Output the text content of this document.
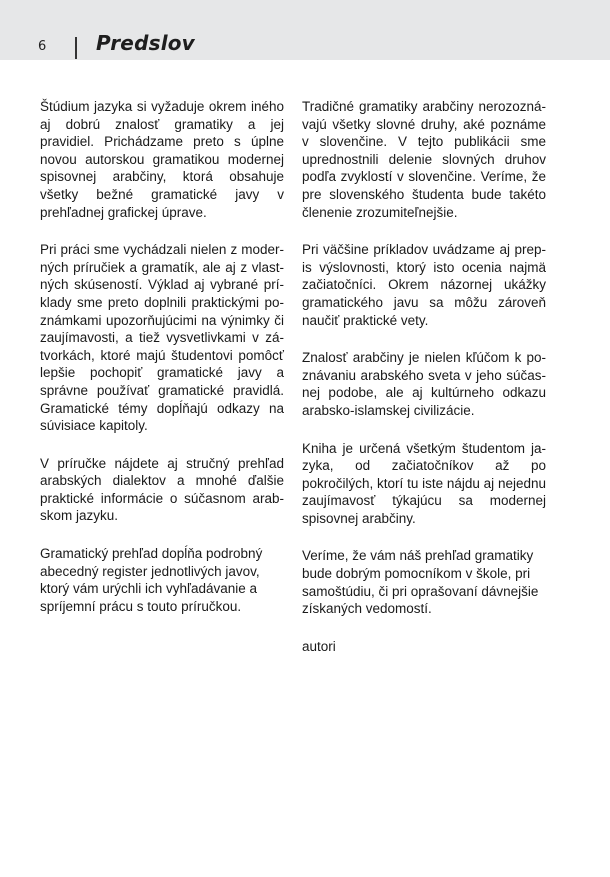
6 Predslov

Štúdium jazyka si vyžaduje okrem iného aj dobrú znalosť gramatiky a jej pravidiel. Prichádzame preto s úplne novou autorskou gramatikou modernej spisovnej arabčiny, ktorá obsahuje všetky bežné gramatické javy v prehľadnej grafickej úprave.

Pri práci sme vychádzali nielen z moderných príručiek a gramatík, ale aj z vlastných skúseností. Výklad aj vybrané príklady sme preto doplnili praktickými poznámkami upozorňujúcimi na výnimky či zaujímavosti, a tiež vysvetlivkami v zátvorkách, ktoré majú študentovi pomôcť lepšie pochopiť gramatické javy a správne používať gramatické pravidlá. Gramatické témy dopĺňajú odkazy na súvisiace kapitoly.

V príručke nájdete aj stručný prehľad arabských dialektov a mnohé ďalšie praktické informácie o súčasnom arabskom jazyku.

Gramatický prehľad dopĺňa podrobný abecedný register jednotlivých javov, ktorý vám urýchli ich vyhľadávanie a spríjemní prácu s touto príručkou.

Tradičné gramatiky arabčiny nerozoznávajú všetky slovné druhy, aké poznáme v slovenčine. V tejto publikácii sme uprednostnili delenie slovných druhov podľa zvyklostí v slovenčine. Veríme, že pre slovenského študenta bude takéto členenie zrozumiteľnejšie.

Pri väčšine príkladov uvádzame aj prepis výslovnosti, ktorý isto ocenia najmä začiatočníci. Okrem názornej ukážky gramatického javu sa môžu zároveň naučiť praktické vety.

Znalosť arabčiny je nielen kľúčom k poznávaniu arabského sveta v jeho súčasnej podobe, ale aj kultúrneho odkazu arabsko-islamskej civilizácie.

Kniha je určená všetkým študentom jazyka, od začiatočníkov až po pokročilých, ktorí tu iste nájdu aj nejednu zaujímavosť týkajúcu sa modernej spisovnej arabčiny.

Veríme, že vám náš prehľad gramatiky bude dobrým pomocníkom v škole, pri samoštúdiu, či pri oprašovaní dávnejšie získaných vedomostí.

autori
